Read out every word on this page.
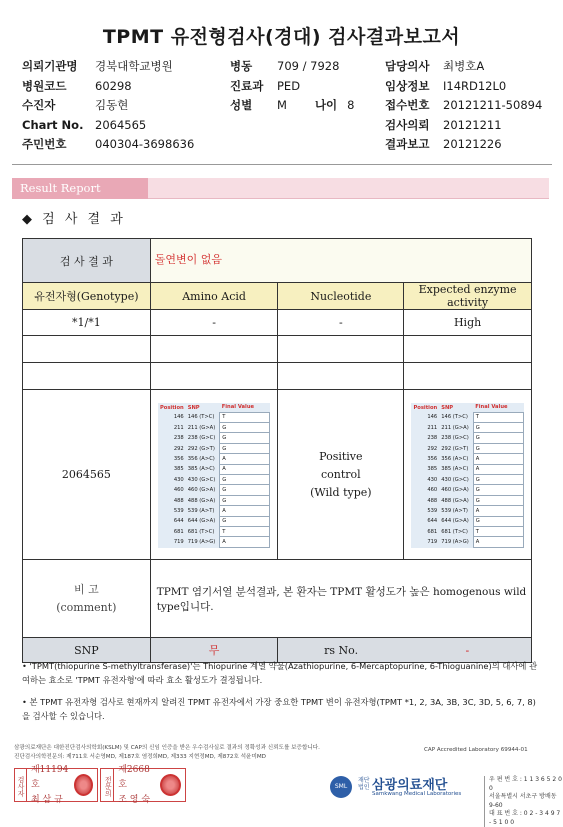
TPMT 유전형검사(경대) 검사결과보고서
의뢰기관명 경북대학교병원
병원코드 60298
수진자	김동현
Chart No. 2064565
주민번호 040304-3698636
병동 709 / 7928
진료과 PED
성별 M 나이 8
담당의사 최병호A
임상정보 I14RD12L0
접수번호 20121211-50894
검사의뢰 20121211
결과보고 20121226
Result Report
◆ 검 사 결 과
검 사 결 과	돌연변이 없음
유전자형(Genotype)	Amino Acid	Nucleotide	Expected enzyme activity
*1/*1	-	-	High

2064565	
Position	SNP	Final Value
146	146 (T>C)	T
211	211 (G>A)	G
238	238 (G>C)	G
292	292 (G>T)	G
356	356 (A>C)	A
385	385 (A>C)	A
430	430 (G>C)	G
460	460 (G>A)	G
488	488 (G>A)	G
539	539 (A>T)	A
644	644 (G>A)	G
681	681 (T>C)	T
719	719 (A>G)	A

Positive
control
(Wild type)

Position	SNP	Final Value
146	146 (T>C)	T
211	211 (G>A)	G
238	238 (G>C)	G
292	292 (G>T)	G
356	356 (A>C)	A
385	385 (A>C)	A
430	430 (G>C)	G
460	460 (G>A)	G
488	488 (G>A)	G
539	539 (A>T)	A
644	644 (G>A)	G
681	681 (T>C)	T
719	719 (A>G)	A

비 고
(comment)
	TPMT 염기서열 분석결과, 본 환자는 TPMT 활성도가 높은 homogenous wild type입니다.
SNP	무	rs No.	-
• 'TPMT(thiopurine S-methyltransferase)'는 Thiopurine 계열 약물(Azathiopurine, 6-Mercaptopurine, 6-Thioguanine)의 대사에 관여하는 효소로 'TPMT 유전자형'에 따라 효소 활성도가 결정됩니다.
• 본 TPMT 유전자형 검사로 현재까지 알려진 TPMT 유전자에서 가장 중요한 TPMT 변이 유전자형(TPMT *1, 2, 3A, 3B, 3C, 3D, 5, 6, 7, 8)을 검사할 수 있습니다.
삼광의료재단은 대한진단검사의학회(KSLM) 및 CAP의 신임 인증을 받은 우수검사실로 결과의 정확성과 신뢰도를 보증합니다.
진단검사의학전문의: 제711호 서순영MD, 제187호 염정희MD, 제333 지현정MD, 제872호 석윤미MD
CAP Accredited Laboratory 69944-01
검사자
제11194호
최 삼 규
전문의
제2668호
조 영 숙
SML
재단법인 삼광의료재단
Samkwang Medical Laboratories
우 편 번 호 : 1 1 3 6 5 2 0 0
서울특별시 서초구 방배동 9-60
대 표 번 호 : 0 2 - 3 4 9 7 - 5 1 0 0
